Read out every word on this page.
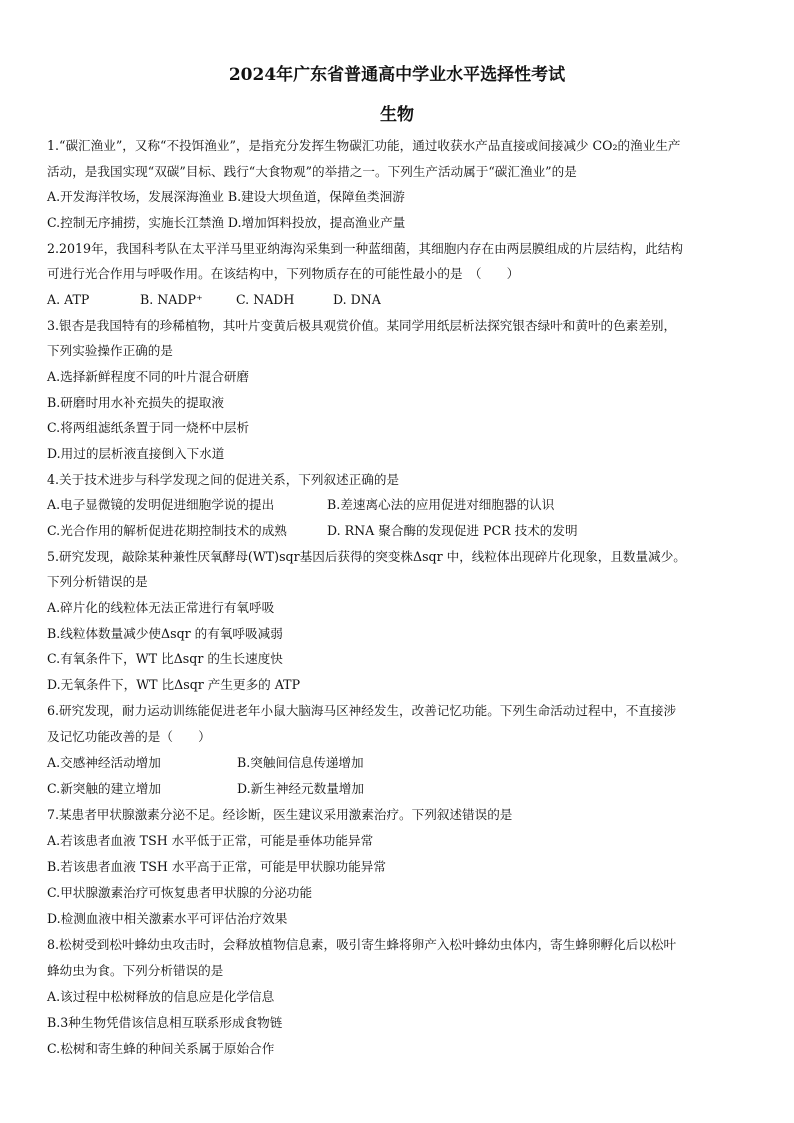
2024年广东省普通高中学业水平选择性考试
生物
1.“碳汇渔业”，又称“不投饵渔业”，是指充分发挥生物碳汇功能，通过收获水产品直接或间接减少 CO₂的渔业生产
活动，是我国实现“双碳”目标、践行“大食物观”的举措之一。下列生产活动属于“碳汇渔业”的是
A.开发海洋牧场，发展深海渔业 B.建设大坝鱼道，保障鱼类洄游
C.控制无序捕捞，实施长江禁渔 D.增加饵料投放，提高渔业产量
2.2019年，我国科考队在太平洋马里亚纳海沟采集到一种蓝细菌，其细胞内存在由两层膜组成的片层结构，此结构
可进行光合作用与呼吸作用。在该结构中，下列物质存在的可能性最小的是　（　　）
A. ATP	B. NADP⁺	C. NADH	D. DNA
3.银杏是我国特有的珍稀植物，其叶片变黄后极具观赏价值。某同学用纸层析法探究银杏绿叶和黄叶的色素差别，
下列实验操作正确的是
A.选择新鲜程度不同的叶片混合研磨
B.研磨时用水补充损失的提取液
C.将两组滤纸条置于同一烧杯中层析
D.用过的层析液直接倒入下水道
4.关于技术进步与科学发现之间的促进关系，下列叙述正确的是
A.电子显微镜的发明促进细胞学说的提出	B.差速离心法的应用促进对细胞器的认识
C.光合作用的解析促进花期控制技术的成熟	D. RNA 聚合酶的发现促进 PCR 技术的发明
5.研究发现，敲除某种兼性厌氧酵母(WT)sqr基因后获得的突变株Δsqr 中，线粒体出现碎片化现象，且数量减少。
下列分析错误的是
A.碎片化的线粒体无法正常进行有氧呼吸
B.线粒体数量减少使Δsqr 的有氧呼吸减弱
C.有氧条件下，WT 比Δsqr 的生长速度快
D.无氧条件下，WT 比Δsqr 产生更多的 ATP
6.研究发现，耐力运动训练能促进老年小鼠大脑海马区神经发生，改善记忆功能。下列生命活动过程中，不直接涉
及记忆功能改善的是（　　）
A.交感神经活动增加	B.突触间信息传递增加
C.新突触的建立增加	D.新生神经元数量增加
7.某患者甲状腺激素分泌不足。经诊断，医生建议采用激素治疗。下列叙述错误的是
A.若该患者血液 TSH 水平低于正常，可能是垂体功能异常
B.若该患者血液 TSH 水平高于正常，可能是甲状腺功能异常
C.甲状腺激素治疗可恢复患者甲状腺的分泌功能
D.检测血液中相关激素水平可评估治疗效果
8.松树受到松叶蜂幼虫攻击时，会释放植物信息素，吸引寄生蜂将卵产入松叶蜂幼虫体内，寄生蜂卵孵化后以松叶
蜂幼虫为食。下列分析错误的是
A.该过程中松树释放的信息应是化学信息
B.3种生物凭借该信息相互联系形成食物链
C.松树和寄生蜂的种间关系属于原始合作
